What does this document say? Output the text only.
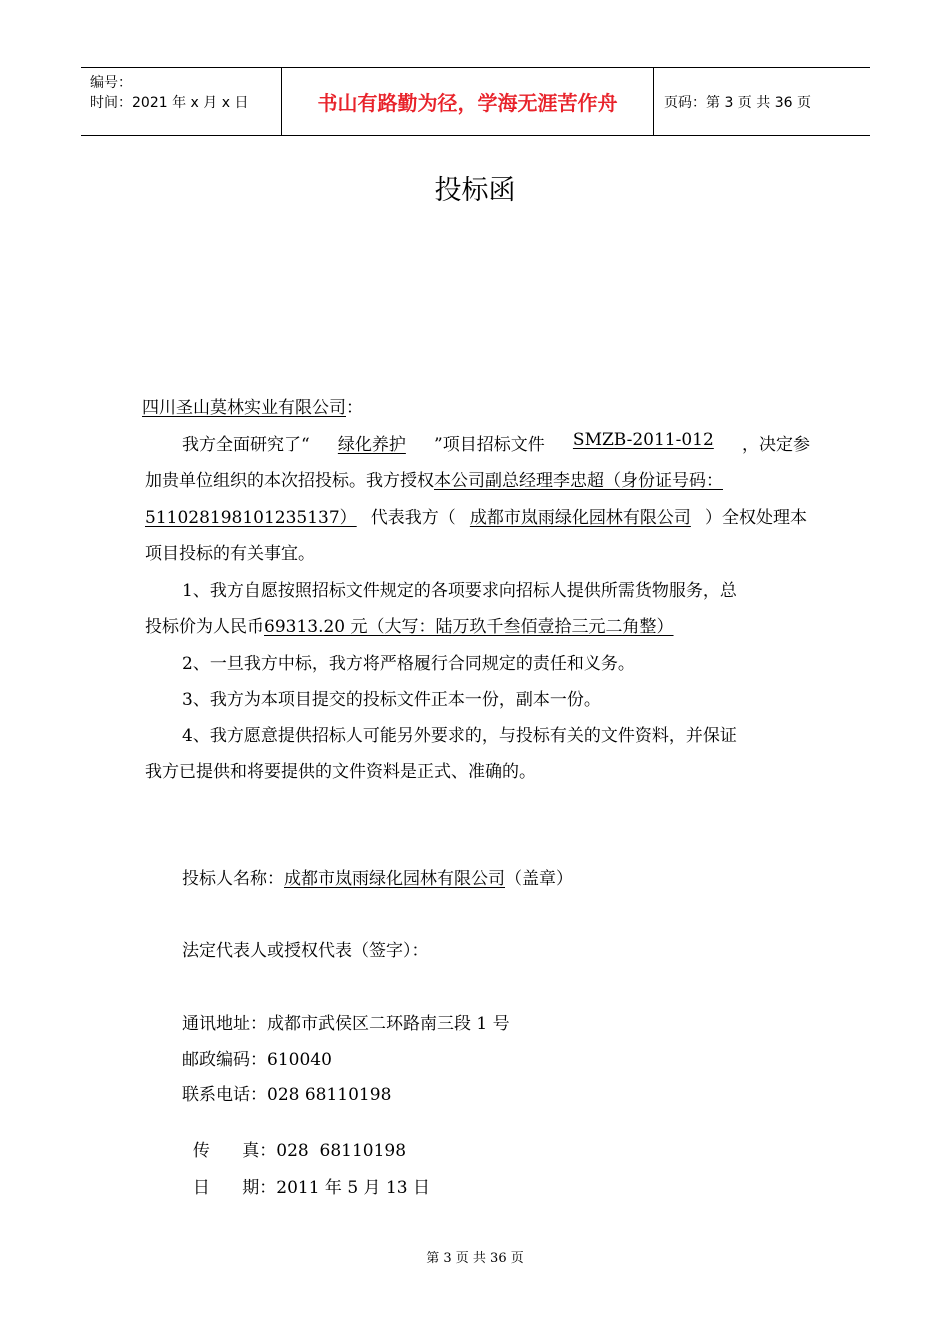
编号：
时间：2021 年 x 月 x 日	书山有路勤为径，学海无涯苦作舟	页码：第 3 页 共 36 页
投标函
四川圣山莫林实业有限公司：
我方全面研究了“ 绿化养护 ”项目招标文件 SMZB-2011-012 ，决定参
加贵单位组织的本次招投标。我方授权本公司副总经理李忠超（身份证号码：
511028198101235137） 代表我方（ 成都市岚雨绿化园林有限公司 ）全权处理本
项目投标的有关事宜。
1、我方自愿按照招标文件规定的各项要求向招标人提供所需货物服务，总
投标价为人民币69313.20 元（大写：陆万玖千叁佰壹拾三元二角整）
2、一旦我方中标，我方将严格履行合同规定的责任和义务。
3、我方为本项目提交的投标文件正本一份，副本一份。
4、我方愿意提供招标人可能另外要求的，与投标有关的文件资料，并保证
我方已提供和将要提供的文件资料是正式、准确的。
投标人名称：成都市岚雨绿化园林有限公司（盖章）
法定代表人或授权代表（签字）：
通讯地址：成都市武侯区二环路南三段 1 号
邮政编码：610040
联系电话：028 68110198

传      真：028  68110198

日      期：2011 年 5 月 13 日

第 3 页 共 36 页
